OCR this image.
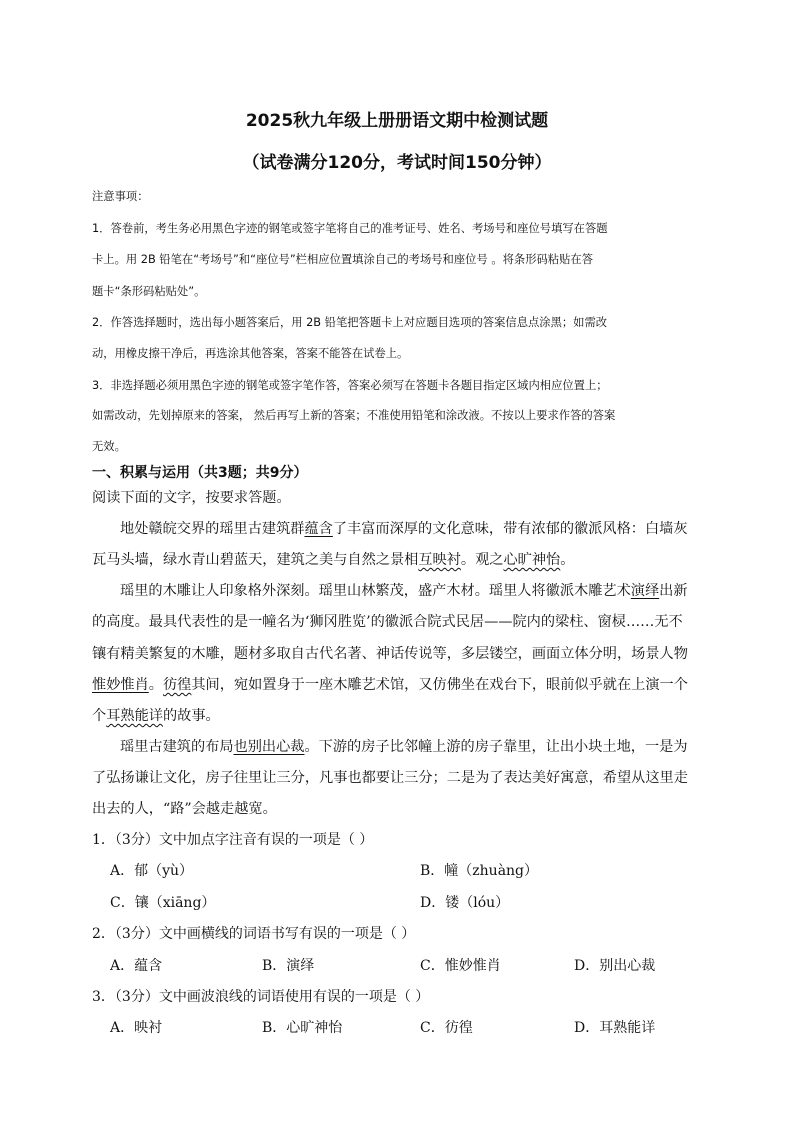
2025秋九年级上册册语文期中检测试题
（试卷满分120分，考试时间150分钟）
注意事项：
1．答卷前，考生务必用黑色字迹的钢笔或签字笔将自己的准考证号、姓名、考场号和座位号填写在答题
卡上。用 2B 铅笔在“考场号”和“座位号”栏相应位置填涂自己的考场号和座位号 。将条形码粘贴在答
题卡“条形码粘贴处”。
2．作答选择题时，选出每小题答案后，用 2B 铅笔把答题卡上对应题目选项的答案信息点涂黑；如需改
动，用橡皮擦干净后，再选涂其他答案，答案不能答在试卷上。
3．非选择题必须用黑色字迹的钢笔或签字笔作答，答案必须写在答题卡各题目指定区域内相应位置上；
如需改动，先划掉原来的答案， 然后再写上新的答案；不准使用铅笔和涂改液。不按以上要求作答的答案
无效。
一、积累与运用（共3题；共9分）
阅读下面的文字，按要求答题。
地处赣皖交界的瑶里古建筑群蕴含了丰富而深厚的文化意味，带有浓郁的徽派风格：白墙灰
瓦马头墙，绿水青山碧蓝天，建筑之美与自然之景相互映衬。观之心旷神怡。
瑶里的木雕让人印象格外深刻。瑶里山林繁茂，盛产木材。瑶里人将徽派木雕艺术演绎出新
的高度。最具代表性的是一幢名为‘狮冈胜览’的徽派合院式民居——院内的梁柱、窗棂……无不
镶有精美繁复的木雕，题材多取自古代名著、神话传说等，多层镂空，画面立体分明，场景人物
惟妙惟肖。彷徨其间，宛如置身于一座木雕艺术馆，又仿佛坐在戏台下，眼前似乎就在上演一个
个耳熟能详的故事。
瑶里古建筑的布局也别出心裁。下游的房子比邻幢上游的房子靠里，让出小块土地，一是为
了弘扬谦让文化，房子往里让三分，凡事也都要让三分；二是为了表达美好寓意，希望从这里走
出去的人，“路”会越走越宽。
1．（3分）文中加点字注音有误的一项是（ ）
A．郁（yù）	B．幢（zhuàng）
C．镶（xiāng）	D．镂（lóu）
2．（3分）文中画横线的词语书写有误的一项是（ ）
A．蕴含	B．演绎	C．惟妙惟肖	D．别出心裁
3．（3分）文中画波浪线的词语使用有误的一项是（ ）
A．映衬	B．心旷神怡	C．彷徨	D．耳熟能详
